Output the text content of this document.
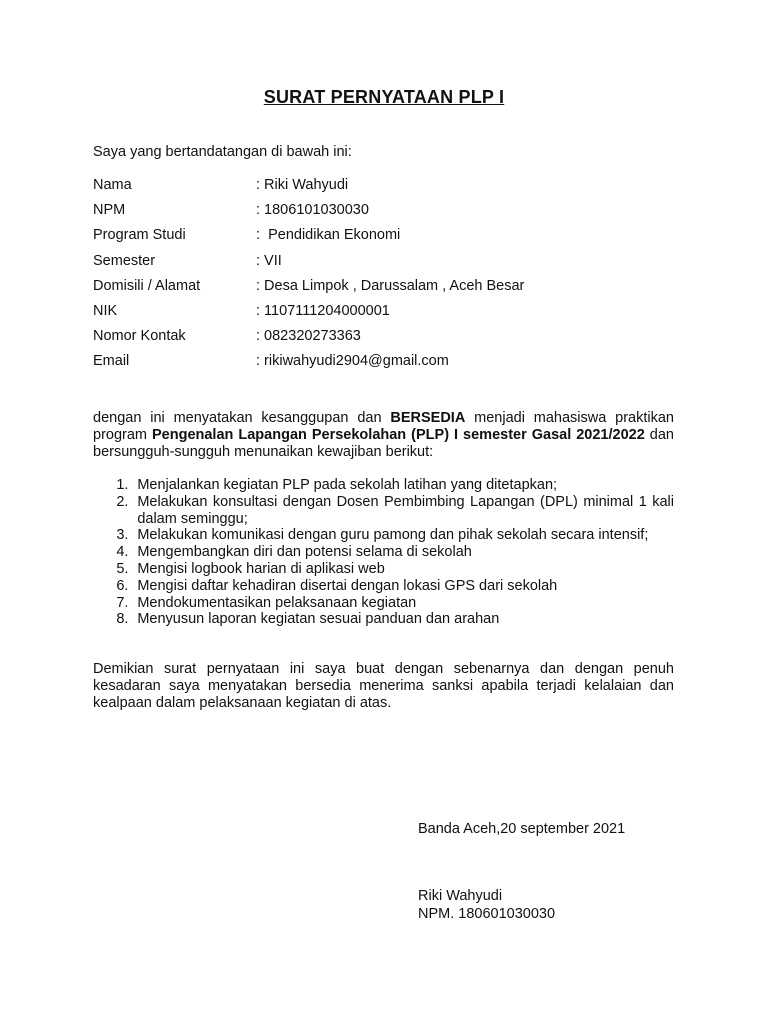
SURAT PERNYATAAN PLP I
Saya yang bertandatangan di bawah ini:
Nama	: Riki Wahyudi
NPM	: 1806101030030
Program Studi	:  Pendidikan Ekonomi
Semester	: VII
Domisili / Alamat	: Desa Limpok , Darussalam , Aceh Besar
NIK	: 1107111204000001
Nomor Kontak	: 082320273363
Email	: rikiwahyudi2904@gmail.com
dengan ini menyatakan kesanggupan dan BERSEDIA menjadi mahasiswa praktikan program Pengenalan Lapangan Persekolahan (PLP) I semester Gasal 2021/2022 dan bersungguh-sungguh menunaikan kewajiban berikut:
1. Menjalankan kegiatan PLP pada sekolah latihan yang ditetapkan;
2. Melakukan konsultasi dengan Dosen Pembimbing Lapangan (DPL) minimal 1 kali dalam seminggu;
3. Melakukan komunikasi dengan guru pamong dan pihak sekolah secara intensif;
4. Mengembangkan diri dan potensi selama di sekolah
5. Mengisi logbook harian di aplikasi web
6. Mengisi daftar kehadiran disertai dengan lokasi GPS dari sekolah
7. Mendokumentasikan pelaksanaan kegiatan
8. Menyusun laporan kegiatan sesuai panduan dan arahan
Demikian surat pernyataan ini saya buat dengan sebenarnya dan dengan penuh kesadaran saya menyatakan bersedia menerima sanksi apabila terjadi kelalaian dan kealpaan dalam pelaksanaan kegiatan di atas.
Banda Aceh,20 september 2021
Riki Wahyudi
NPM. 180601030030
